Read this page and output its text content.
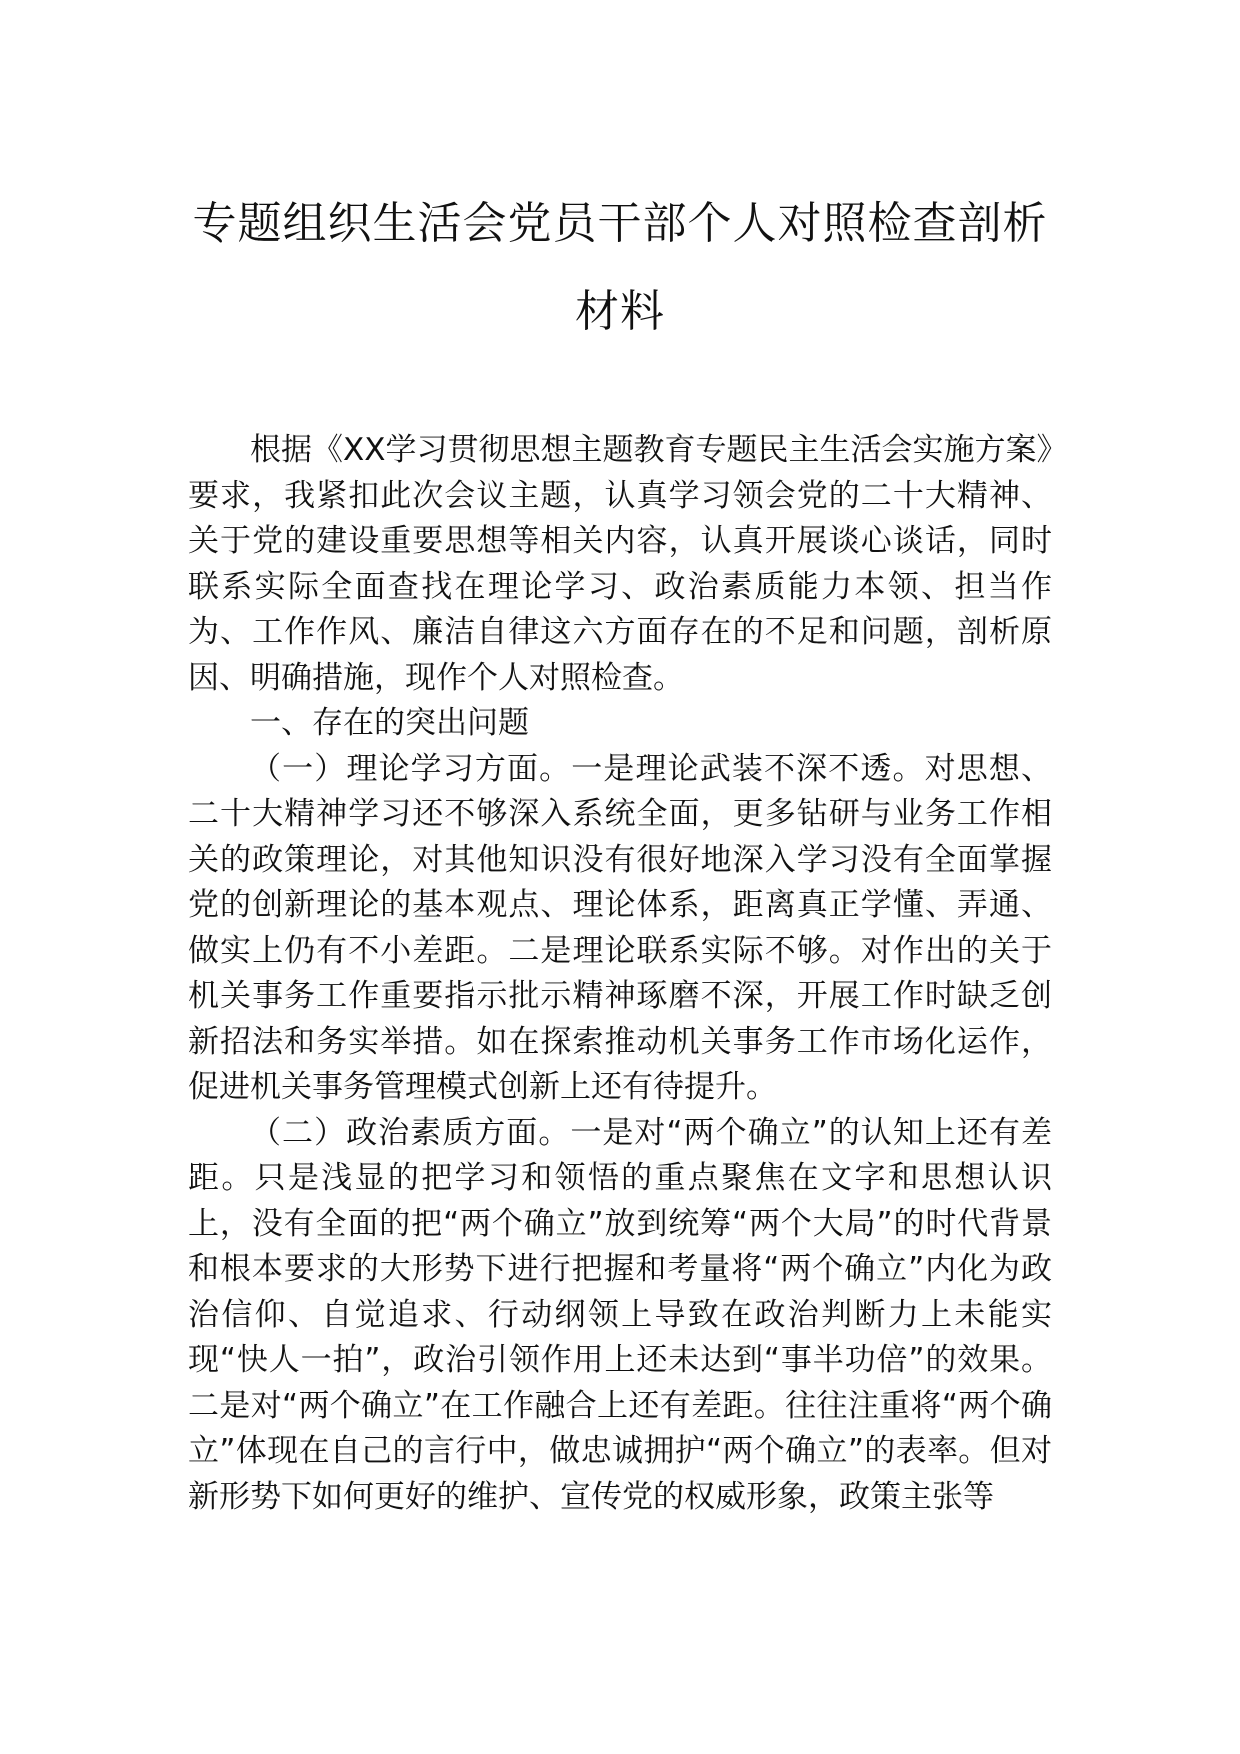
专题组织生活会党员干部个人对照检查剖析材料

根据《XX学习贯彻思想主题教育专题民主生活会实施方案》要求，我紧扣此次会议主题，认真学习领会党的二十大精神、关于党的建设重要思想等相关内容，认真开展谈心谈话，同时联系实际全面查找在理论学习、政治素质能力本领、担当作为、工作作风、廉洁自律这六方面存在的不足和问题，剖析原因、明确措施，现作个人对照检查。

一、存在的突出问题

（一）理论学习方面。一是理论武装不深不透。对思想、二十大精神学习还不够深入系统全面，更多钻研与业务工作相关的政策理论，对其他知识没有很好地深入学习没有全面掌握党的创新理论的基本观点、理论体系，距离真正学懂、弄通、做实上仍有不小差距。二是理论联系实际不够。对作出的关于机关事务工作重要指示批示精神琢磨不深，开展工作时缺乏创新招法和务实举措。如在探索推动机关事务工作市场化运作，促进机关事务管理模式创新上还有待提升。

（二）政治素质方面。一是对“两个确立”的认知上还有差距。只是浅显的把学习和领悟的重点聚焦在文字和思想认识上，没有全面的把“两个确立”放到统筹“两个大局”的时代背景和根本要求的大形势下进行把握和考量将“两个确立”内化为政治信仰、自觉追求、行动纲领上导致在政治判断力上未能实现“快人一拍”，政治引领作用上还未达到“事半功倍”的效果。二是对“两个确立”在工作融合上还有差距。往往注重将“两个确立”体现在自己的言行中，做忠诚拥护“两个确立”的表率。但对新形势下如何更好的维护、宣传党的权威形象，政策主张等
